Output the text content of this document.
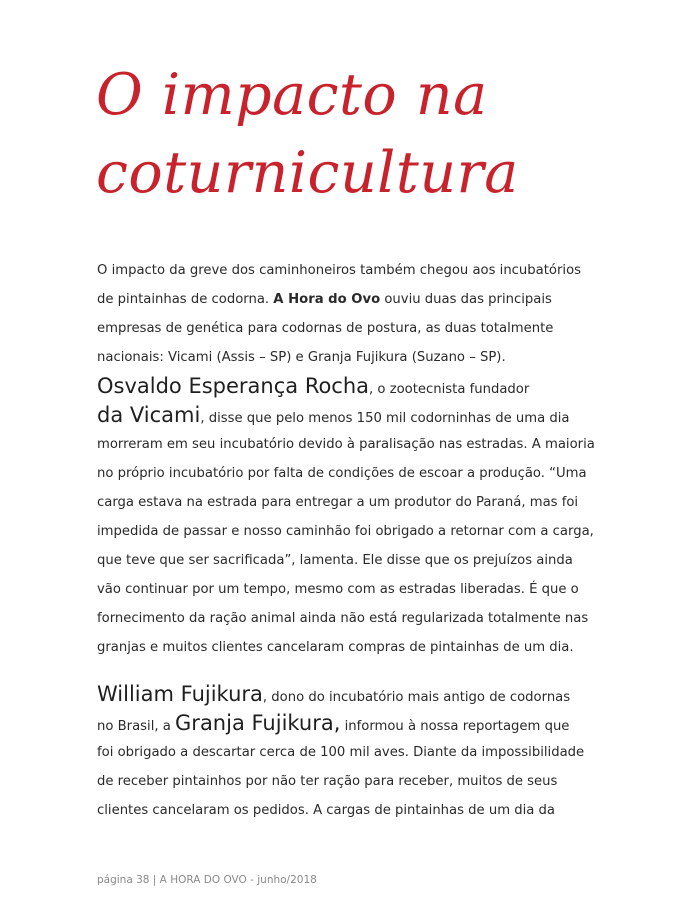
O impacto na
coturnicultura
O impacto da greve dos caminhoneiros também chegou aos incubatórios
de pintainhas de codorna. A Hora do Ovo ouviu duas das principais
empresas de genética para codornas de postura, as duas totalmente
nacionais: Vicami (Assis – SP) e Granja Fujikura (Suzano – SP).
Osvaldo Esperança Rocha, o zootecnista fundador
da Vicami, disse que pelo menos 150 mil codorninhas de uma dia
morreram em seu incubatório devido à paralisação nas estradas. A maioria
no próprio incubatório por falta de condições de escoar a produção. “Uma
carga estava na estrada para entregar a um produtor do Paraná, mas foi
impedida de passar e nosso caminhão foi obrigado a retornar com a carga,
que teve que ser sacrificada”, lamenta. Ele disse que os prejuízos ainda
vão continuar por um tempo, mesmo com as estradas liberadas. É que o
fornecimento da ração animal ainda não está regularizada totalmente nas
granjas e muitos clientes cancelaram compras de pintainhas de um dia.
William Fujikura, dono do incubatório mais antigo de codornas
no Brasil, a Granja Fujikura, informou à nossa reportagem que
foi obrigado a descartar cerca de 100 mil aves. Diante da impossibilidade
de receber pintainhos por não ter ração para receber, muitos de seus
clientes cancelaram os pedidos. A cargas de pintainhas de um dia da
página 38 | A HORA DO OVO - junho/2018
